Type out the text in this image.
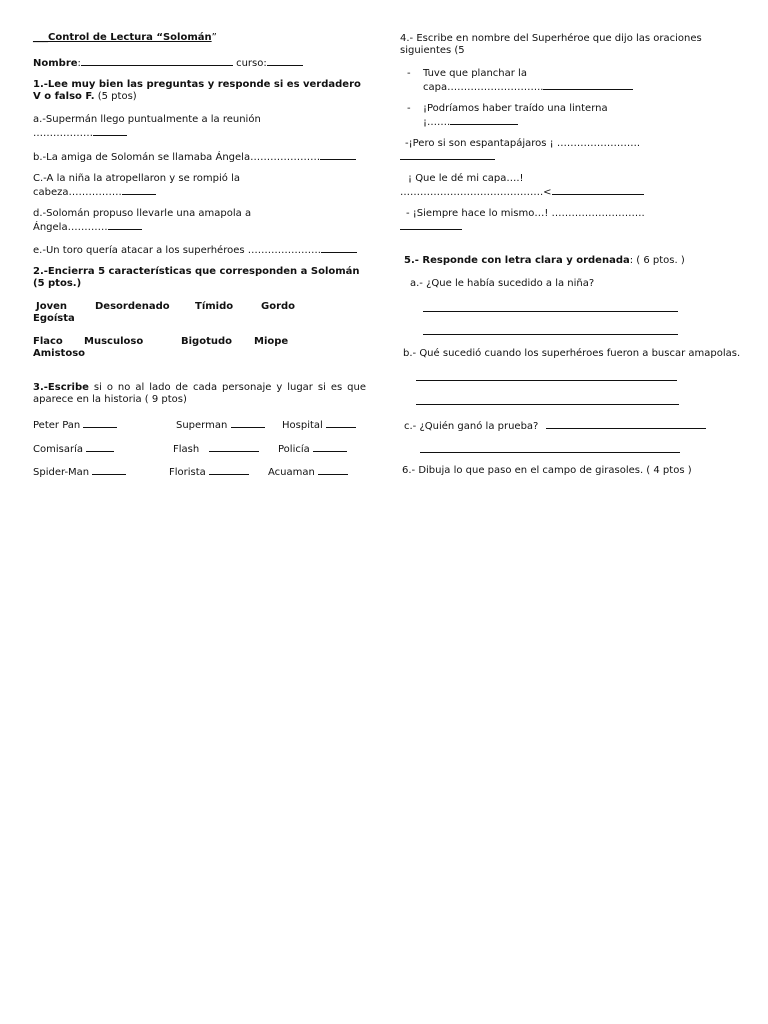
___Control de Lectura “Solomán”
Nombre:	curso:
1.-Lee muy bien las preguntas y responde si es verdadero V o falso F. (5 ptos)
a.-Supermán llego puntualmente a la reunión
………………
b.-La amiga de Solomán se llamaba Ángela…………………
C.-A la niña la atropellaron y se rompió la
cabeza…………….
d.-Solomán propuso llevarle una amapola a
Ángela…………
e.-Un toro quería atacar a los superhéroes ………………….
2.-Encierra 5 características que corresponden a Solomán (5 ptos.)
Joven	Desordenado	Tímido	Gordo
Egoísta
Flaco Musculoso	Bigotudo Miope
Amistoso
3.-Escribe si o no al lado de cada personaje y lugar si es que aparece en la historia ( 9 ptos)
Peter Pan	Superman	Hospital
Comisaría	Flash	Policía
Spider-Man	Florista	Acuaman
4.- Escribe en nombre del Superhéroe que dijo las oraciones siguientes (5
- Tuve que planchar la
capa………………………..
- ¡Podríamos haber traído una linterna
¡…….
-¡Pero si son espantapájaros ¡ …………………….
¡ Que le dé mi capa….!
…………………………………….<
- ¡Siempre hace lo mismo…! ……………………….
5.- Responde con letra clara y ordenada: ( 6 ptos. )
a.- ¿Que le había sucedido a la niña?
b.- Qué sucedió cuando los superhéroes fueron a buscar amapolas.
c.- ¿Quién ganó la prueba?
6.- Dibuja lo que paso en el campo de girasoles. ( 4 ptos )
